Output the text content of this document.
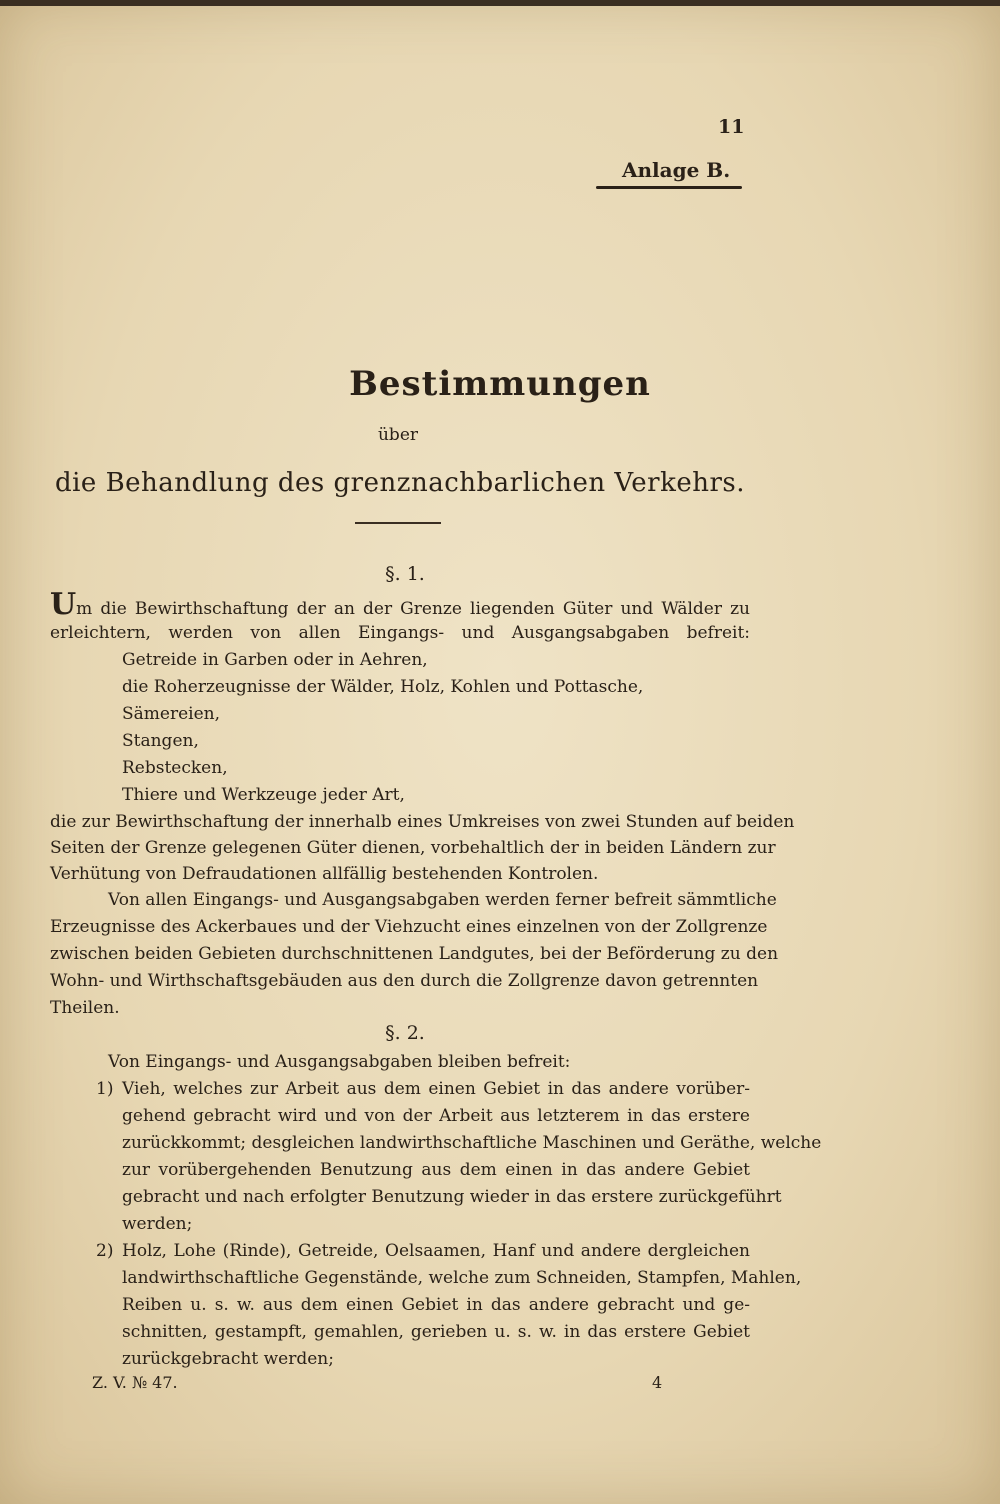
11
Anlage B.
Bestimmungen
über
die Behandlung des grenznachbarlichen Verkehrs.
§. 1.
Um die Bewirthschaftung der an der Grenze liegenden Güter und Wälder zu
erleichtern, werden von allen Eingangs- und Ausgangsabgaben befreit:
Getreide in Garben oder in Aehren,
die Roherzeugnisse der Wälder, Holz, Kohlen und Pottasche,
Sämereien,
Stangen,
Rebstecken,
Thiere und Werkzeuge jeder Art,
die zur Bewirthschaftung der innerhalb eines Umkreises von zwei Stunden auf beiden
Seiten der Grenze gelegenen Güter dienen, vorbehaltlich der in beiden Ländern zur
Verhütung von Defraudationen allfällig bestehenden Kontrolen.
Von allen Eingangs- und Ausgangsabgaben werden ferner befreit sämmtliche
Erzeugnisse des Ackerbaues und der Viehzucht eines einzelnen von der Zollgrenze
zwischen beiden Gebieten durchschnittenen Landgutes, bei der Beförderung zu den
Wohn- und Wirthschaftsgebäuden aus den durch die Zollgrenze davon getrennten
Theilen.
§. 2.
Von Eingangs- und Ausgangsabgaben bleiben befreit:
1) Vieh, welches zur Arbeit aus dem einen Gebiet in das andere vorüber-
gehend gebracht wird und von der Arbeit aus letzterem in das erstere
zurückkommt; desgleichen landwirthschaftliche Maschinen und Geräthe, welche
zur vorübergehenden Benutzung aus dem einen in das andere Gebiet
gebracht und nach erfolgter Benutzung wieder in das erstere zurückgeführt
werden;
2) Holz, Lohe (Rinde), Getreide, Oelsaamen, Hanf und andere dergleichen
landwirthschaftliche Gegenstände, welche zum Schneiden, Stampfen, Mahlen,
Reiben u. s. w. aus dem einen Gebiet in das andere gebracht und ge-
schnitten, gestampft, gemahlen, gerieben u. s. w. in das erstere Gebiet
zurückgebracht werden;
Z. V. № 47.	4
